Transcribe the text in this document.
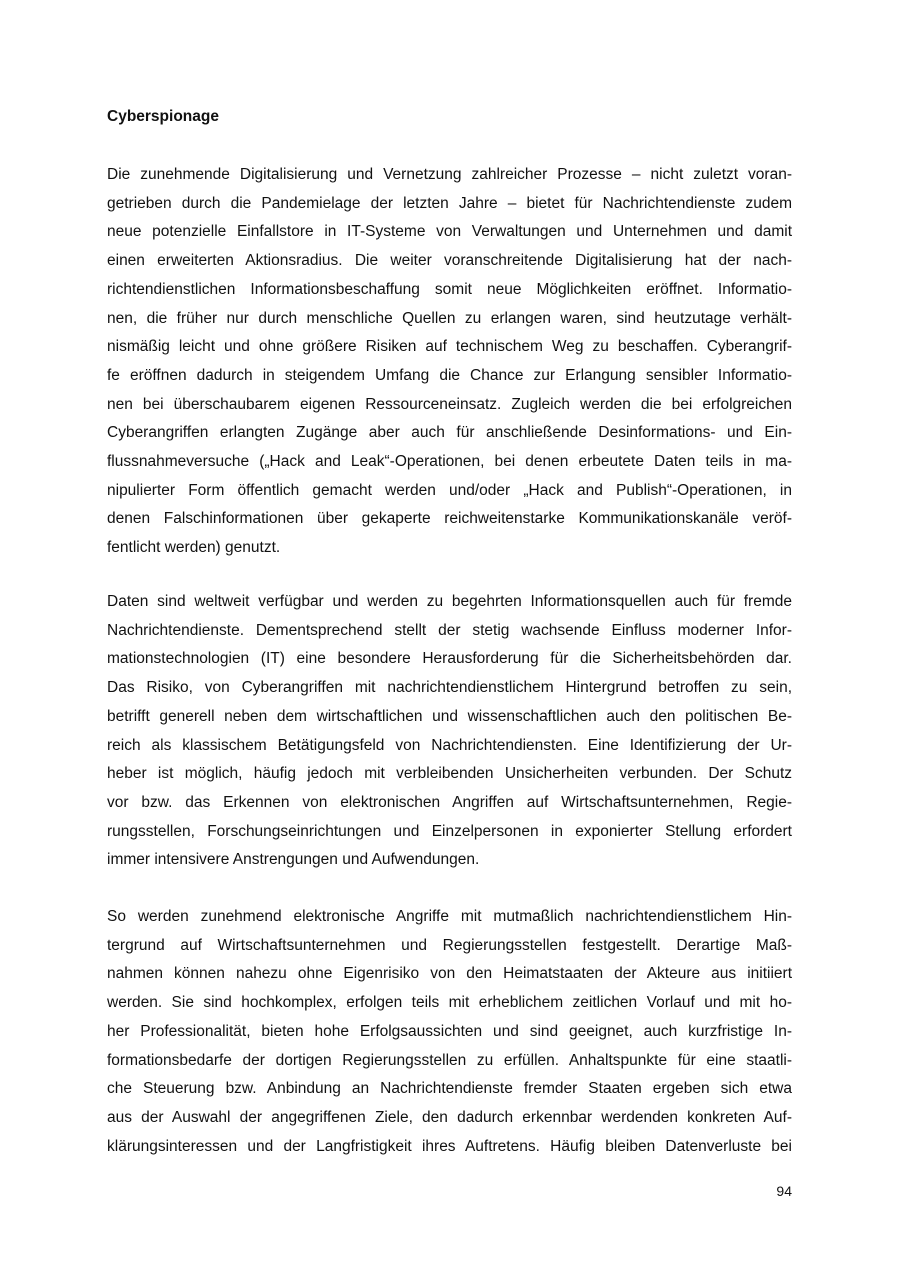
Cyberspionage

Die zunehmende Digitalisierung und Vernetzung zahlreicher Prozesse – nicht zuletzt voran-

getrieben durch die Pandemielage der letzten Jahre – bietet für Nachrichtendienste zudem

neue potenzielle Einfallstore in IT-Systeme von Verwaltungen und Unternehmen und damit

einen erweiterten Aktionsradius. Die weiter voranschreitende Digitalisierung hat der nach-

richtendienstlichen Informationsbeschaffung somit neue Möglichkeiten eröffnet. Informatio-

nen, die früher nur durch menschliche Quellen zu erlangen waren, sind heutzutage verhält-

nismäßig leicht und ohne größere Risiken auf technischem Weg zu beschaffen. Cyberangrif-

fe eröffnen dadurch in steigendem Umfang die Chance zur Erlangung sensibler Informatio-

nen bei überschaubarem eigenen Ressourceneinsatz. Zugleich werden die bei erfolgreichen

Cyberangriffen erlangten Zugänge aber auch für anschließende Desinformations- und Ein-

flussnahmeversuche („Hack and Leak“-Operationen, bei denen erbeutete Daten teils in ma-

nipulierter Form öffentlich gemacht werden und/oder „Hack and Publish“-Operationen, in

denen Falschinformationen über gekaperte reichweitenstarke Kommunikationskanäle veröf-

fentlicht werden) genutzt.

Daten sind weltweit verfügbar und werden zu begehrten Informationsquellen auch für fremde

Nachrichtendienste. Dementsprechend stellt der stetig wachsende Einfluss moderner Infor-

mationstechnologien (IT) eine besondere Herausforderung für die Sicherheitsbehörden dar.

Das Risiko, von Cyberangriffen mit nachrichtendienstlichem Hintergrund betroffen zu sein,

betrifft generell neben dem wirtschaftlichen und wissenschaftlichen auch den politischen Be-

reich als klassischem Betätigungsfeld von Nachrichtendiensten. Eine Identifizierung der Ur-

heber ist möglich, häufig jedoch mit verbleibenden Unsicherheiten verbunden. Der Schutz

vor bzw. das Erkennen von elektronischen Angriffen auf Wirtschaftsunternehmen, Regie-

rungsstellen, Forschungseinrichtungen und Einzelpersonen in exponierter Stellung erfordert

immer intensivere Anstrengungen und Aufwendungen.

So werden zunehmend elektronische Angriffe mit mutmaßlich nachrichtendienstlichem Hin-

tergrund auf Wirtschaftsunternehmen und Regierungsstellen festgestellt. Derartige Maß-

nahmen können nahezu ohne Eigenrisiko von den Heimatstaaten der Akteure aus initiiert

werden. Sie sind hochkomplex, erfolgen teils mit erheblichem zeitlichen Vorlauf und mit ho-

her Professionalität, bieten hohe Erfolgsaussichten und sind geeignet, auch kurzfristige In-

formationsbedarfe der dortigen Regierungsstellen zu erfüllen. Anhaltspunkte für eine staatli-

che Steuerung bzw. Anbindung an Nachrichtendienste fremder Staaten ergeben sich etwa

aus der Auswahl der angegriffenen Ziele, den dadurch erkennbar werdenden konkreten Auf-

klärungsinteressen und der Langfristigkeit ihres Auftretens. Häufig bleiben Datenverluste bei

94
